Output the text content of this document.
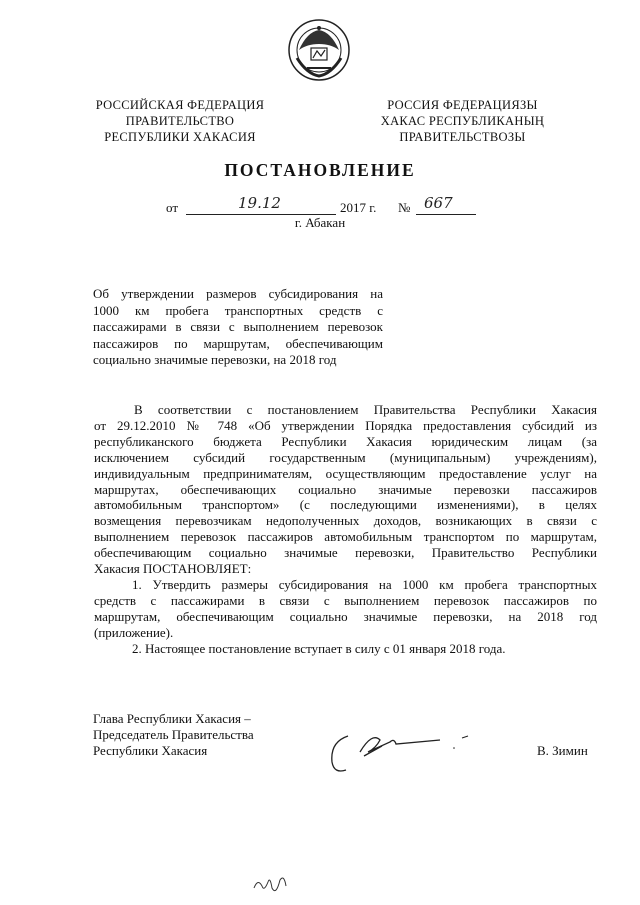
РОССИЙСКАЯ ФЕДЕРАЦИЯ
ПРАВИТЕЛЬСТВО
РЕСПУБЛИКИ ХАКАСИЯ
РОССИЯ ФЕДЕРАЦИЯЗЫ
ХАКАС РЕСПУБЛИКАНЫҢ
ПРАВИТЕЛЬСТВОЗЫ
ПОСТАНОВЛЕНИЕ
от	19.12	2017 г. № 667
г. Абакан
Об утверждении размеров субсидирования на
1000 км пробега транспортных средств с
пассажирами в связи с выполнением перевозок
пассажиров по маршрутам, обеспечивающим
социально значимые перевозки, на 2018 год
В соответствии с постановлением Правительства Республики Хакасия
от 29.12.2010 № 748 «Об утверждении Порядка предоставления субсидий из
республиканского бюджета Республики Хакасия юридическим лицам (за
исключением субсидий государственным (муниципальным) учреждениям),
индивидуальным предпринимателям, осуществляющим предоставление услуг на
маршрутах, обеспечивающих социально значимые перевозки пассажиров
автомобильным транспортом» (с последующими изменениями), в целях
возмещения перевозчикам недополученных доходов, возникающих в связи с
выполнением перевозок пассажиров автомобильным транспортом по маршрутам,
обеспечивающим социально значимые перевозки, Правительство Республики
Хакасия ПОСТАНОВЛЯЕТ:
1. Утвердить размеры субсидирования на 1000 км пробега транспортных
средств с пассажирами в связи с выполнением перевозок пассажиров по
маршрутам, обеспечивающим социально значимые перевозки, на 2018 год
(приложение).
2. Настоящее постановление вступает в силу с 01 января 2018 года.
Глава Республики Хакасия –
Председатель Правительства
Республики Хакасия	В. Зимин
